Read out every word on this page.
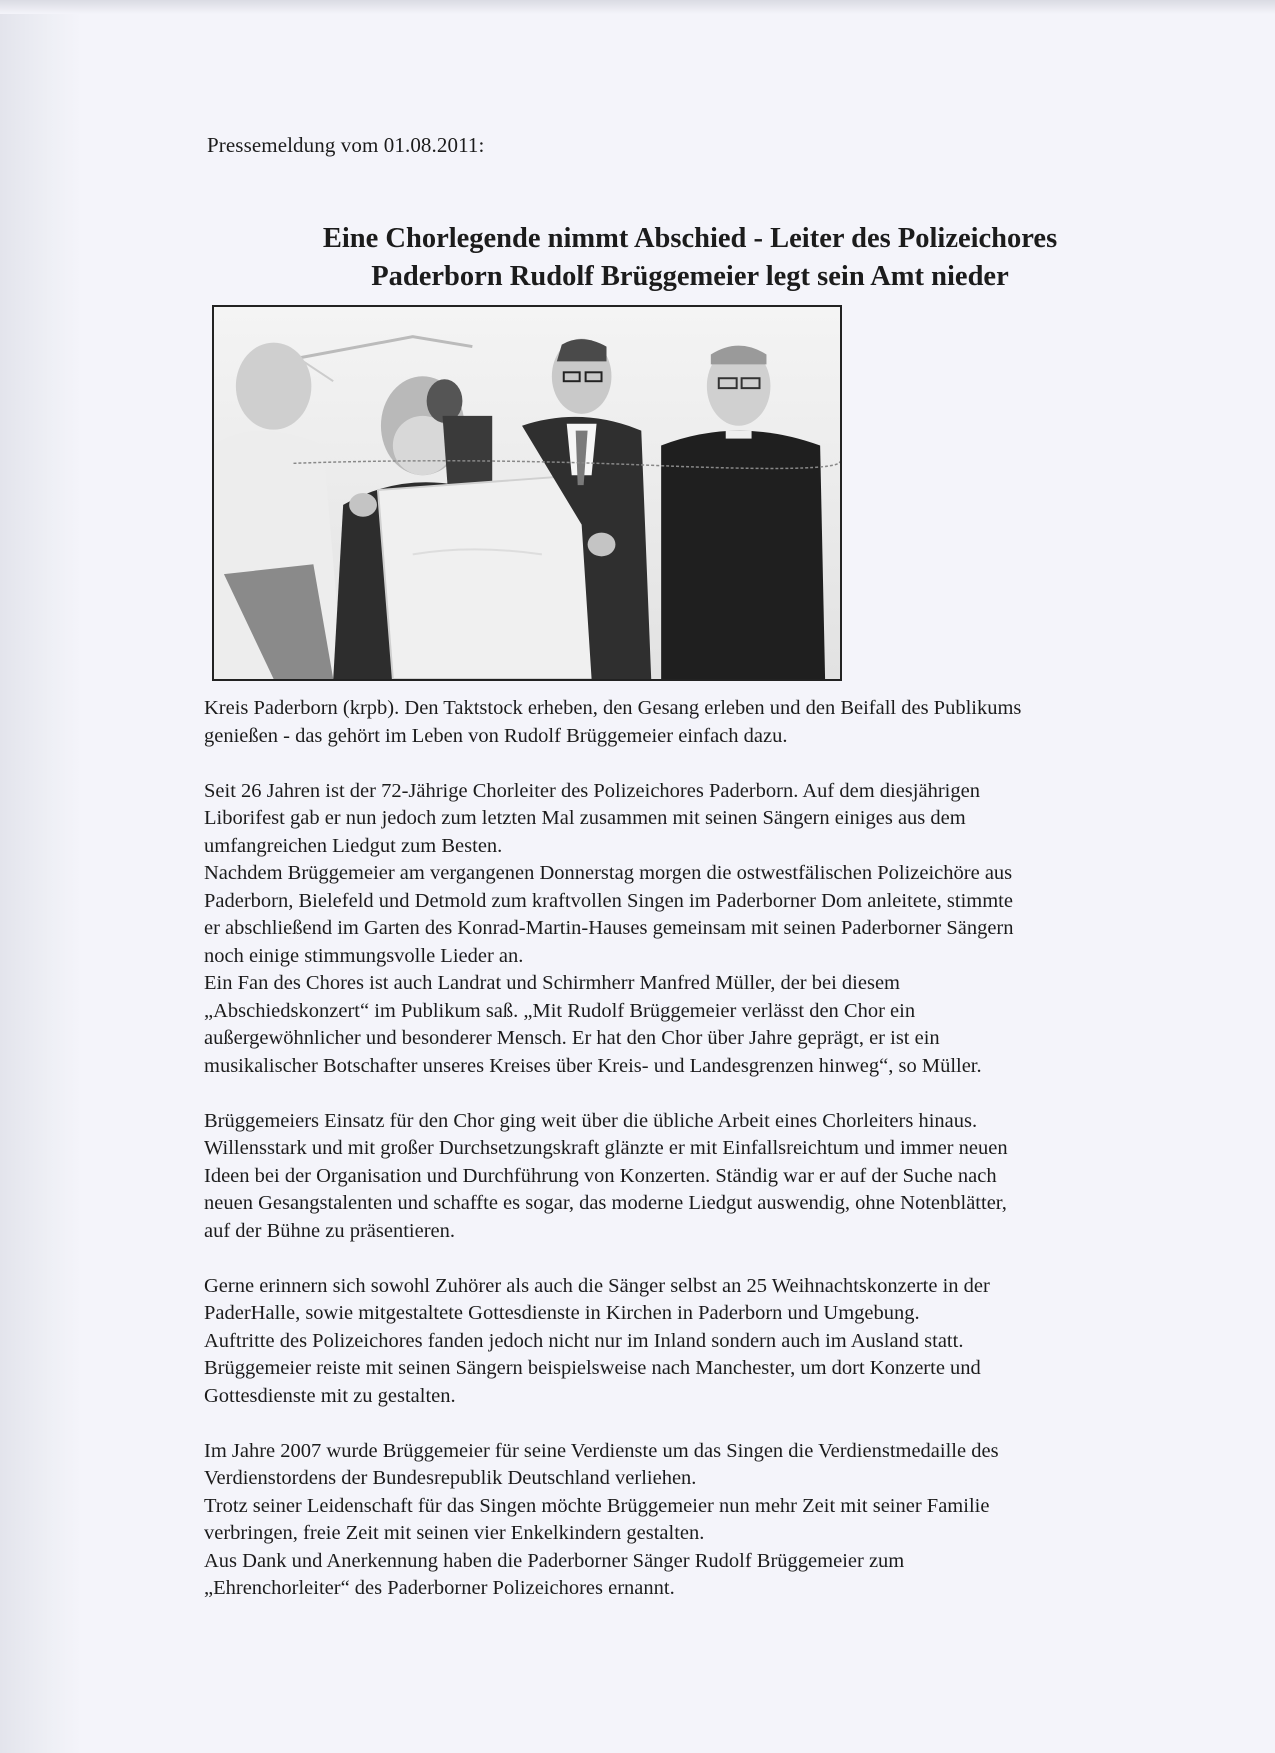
Pressemeldung vom 01.08.2011:

Eine Chorlegende nimmt Abschied - Leiter des Polizeichores
Paderborn Rudolf Brüggemeier legt sein Amt nieder

Kreis Paderborn (krpb). Den Taktstock erheben, den Gesang erleben und den Beifall des Publikums
genießen - das gehört im Leben von Rudolf Brüggemeier einfach dazu.

Seit 26 Jahren ist der 72-Jährige Chorleiter des Polizeichores Paderborn. Auf dem diesjährigen
Liborifest gab er nun jedoch zum letzten Mal zusammen mit seinen Sängern einiges aus dem
umfangreichen Liedgut zum Besten.
Nachdem Brüggemeier am vergangenen Donnerstag morgen die ostwestfälischen Polizeichöre aus
Paderborn, Bielefeld und Detmold zum kraftvollen Singen im Paderborner Dom anleitete, stimmte
er abschließend im Garten des Konrad-Martin-Hauses gemeinsam mit seinen Paderborner Sängern
noch einige stimmungsvolle Lieder an.
Ein Fan des Chores ist auch Landrat und Schirmherr Manfred Müller, der bei diesem
„Abschiedskonzert“ im Publikum saß. „Mit Rudolf Brüggemeier verlässt den Chor ein
außergewöhnlicher und besonderer Mensch. Er hat den Chor über Jahre geprägt, er ist ein
musikalischer Botschafter unseres Kreises über Kreis- und Landesgrenzen hinweg“, so Müller.

Brüggemeiers Einsatz für den Chor ging weit über die übliche Arbeit eines Chorleiters hinaus.
Willensstark und mit großer Durchsetzungskraft glänzte er mit Einfallsreichtum und immer neuen
Ideen bei der Organisation und Durchführung von Konzerten. Ständig war er auf der Suche nach
neuen Gesangstalenten und schaffte es sogar, das moderne Liedgut auswendig, ohne Notenblätter,
auf der Bühne zu präsentieren.

Gerne erinnern sich sowohl Zuhörer als auch die Sänger selbst an 25 Weihnachtskonzerte in der
PaderHalle, sowie mitgestaltete Gottesdienste in Kirchen in Paderborn und Umgebung.
Auftritte des Polizeichores fanden jedoch nicht nur im Inland sondern auch im Ausland statt.
Brüggemeier reiste mit seinen Sängern beispielsweise nach Manchester, um dort Konzerte und
Gottesdienste mit zu gestalten.

Im Jahre 2007 wurde Brüggemeier für seine Verdienste um das Singen die Verdienstmedaille des
Verdienstordens der Bundesrepublik Deutschland verliehen.
Trotz seiner Leidenschaft für das Singen möchte Brüggemeier nun mehr Zeit mit seiner Familie
verbringen, freie Zeit mit seinen vier Enkelkindern gestalten.
Aus Dank und Anerkennung haben die Paderborner Sänger Rudolf Brüggemeier zum
„Ehrenchorleiter“ des Paderborner Polizeichores ernannt.
